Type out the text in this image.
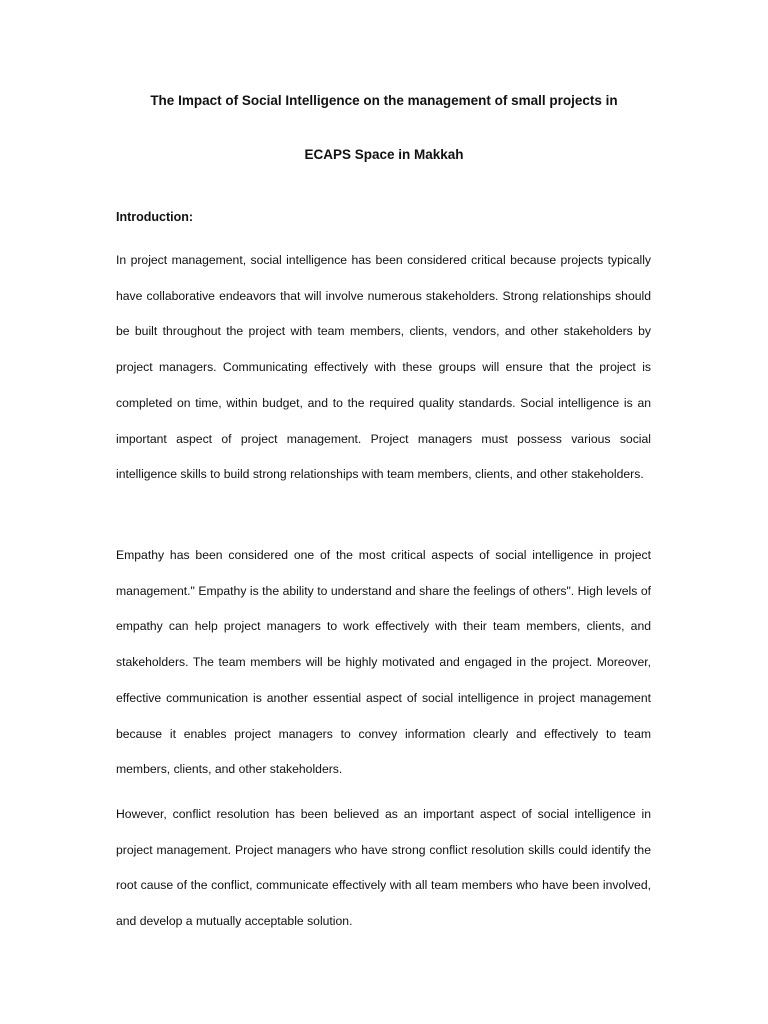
The Impact of Social Intelligence on the management of small projects in
ECAPS Space in Makkah
Introduction:

In project management, social intelligence has been considered critical because projects typically have collaborative endeavors that will involve numerous stakeholders. Strong relationships should be built throughout the project with team members, clients, vendors, and other stakeholders by project managers. Communicating effectively with these groups will ensure that the project is completed on time, within budget, and to the required quality standards. Social intelligence is an important aspect of project management. Project managers must possess various social intelligence skills to build strong relationships with team members, clients, and other stakeholders.

Empathy has been considered one of the most critical aspects of social intelligence in project management." Empathy is the ability to understand and share the feelings of others". High levels of empathy can help project managers to work effectively with their team members, clients, and stakeholders. The team members will be highly motivated and engaged in the project. Moreover, effective communication is another essential aspect of social intelligence in project management because it enables project managers to convey information clearly and effectively to team members, clients, and other stakeholders.

However, conflict resolution has been believed as an important aspect of social intelligence in project management. Project managers who have strong conflict resolution skills could identify the root cause of the conflict, communicate effectively with all team members who have been involved, and develop a mutually acceptable solution.
